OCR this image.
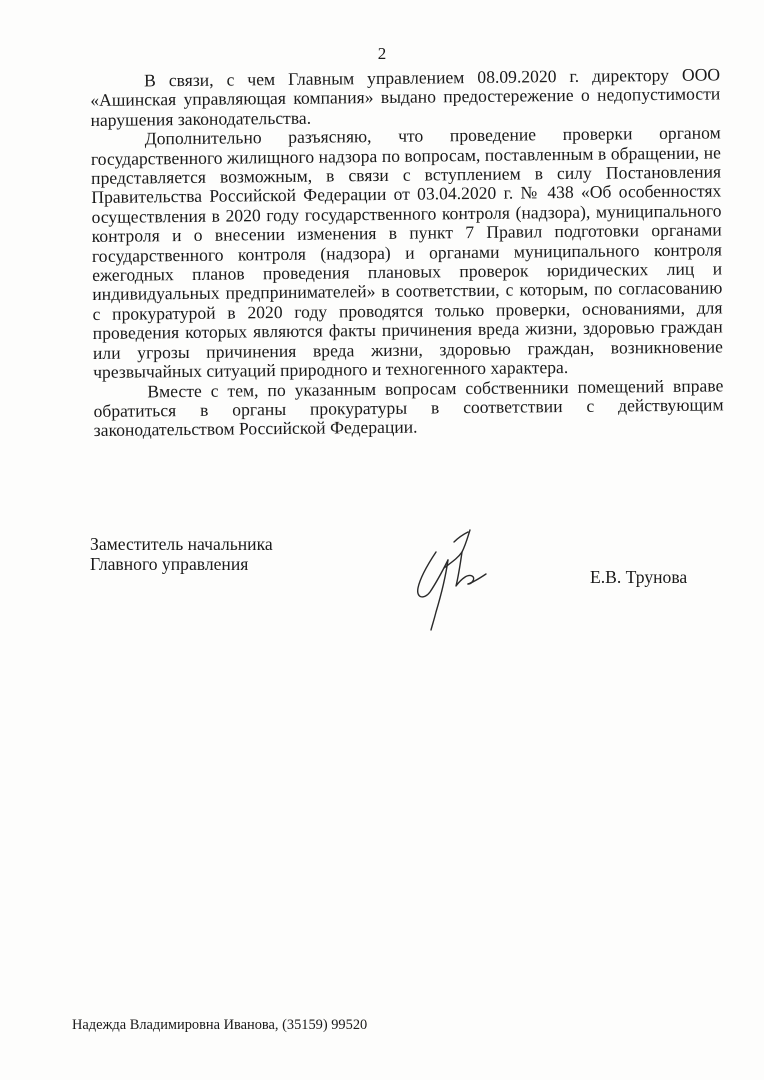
2

В связи, с чем Главным управлением 08.09.2020 г. директору ООО «Ашинская управляющая компания» выдано предостережение о недопустимости нарушения законодательства.

Дополнительно разъясняю, что проведение проверки органом государственного жилищного надзора по вопросам, поставленным в обращении, не представляется возможным, в связи с вступлением в силу Постановления Правительства Российской Федерации от 03.04.2020 г. № 438 «Об особенностях осуществления в 2020 году государственного контроля (надзора), муниципального контроля и о внесении изменения в пункт 7 Правил подготовки органами государственного контроля (надзора) и органами муниципального контроля ежегодных планов проведения плановых проверок юридических лиц и индивидуальных предпринимателей» в соответствии, с которым, по согласованию с прокуратурой в 2020 году проводятся только проверки, основаниями, для проведения которых являются факты причинения вреда жизни, здоровью граждан или угрозы причинения вреда жизни, здоровью граждан, возникновение чрезвычайных ситуаций природного и техногенного характера.

Вместе с тем, по указанным вопросам собственники помещений вправе обратиться в органы прокуратуры в соответствии с действующим законодательством Российской Федерации.

Заместитель начальника
Главного управления
Е.В. Трунова
Надежда Владимировна Иванова, (35159) 99520
